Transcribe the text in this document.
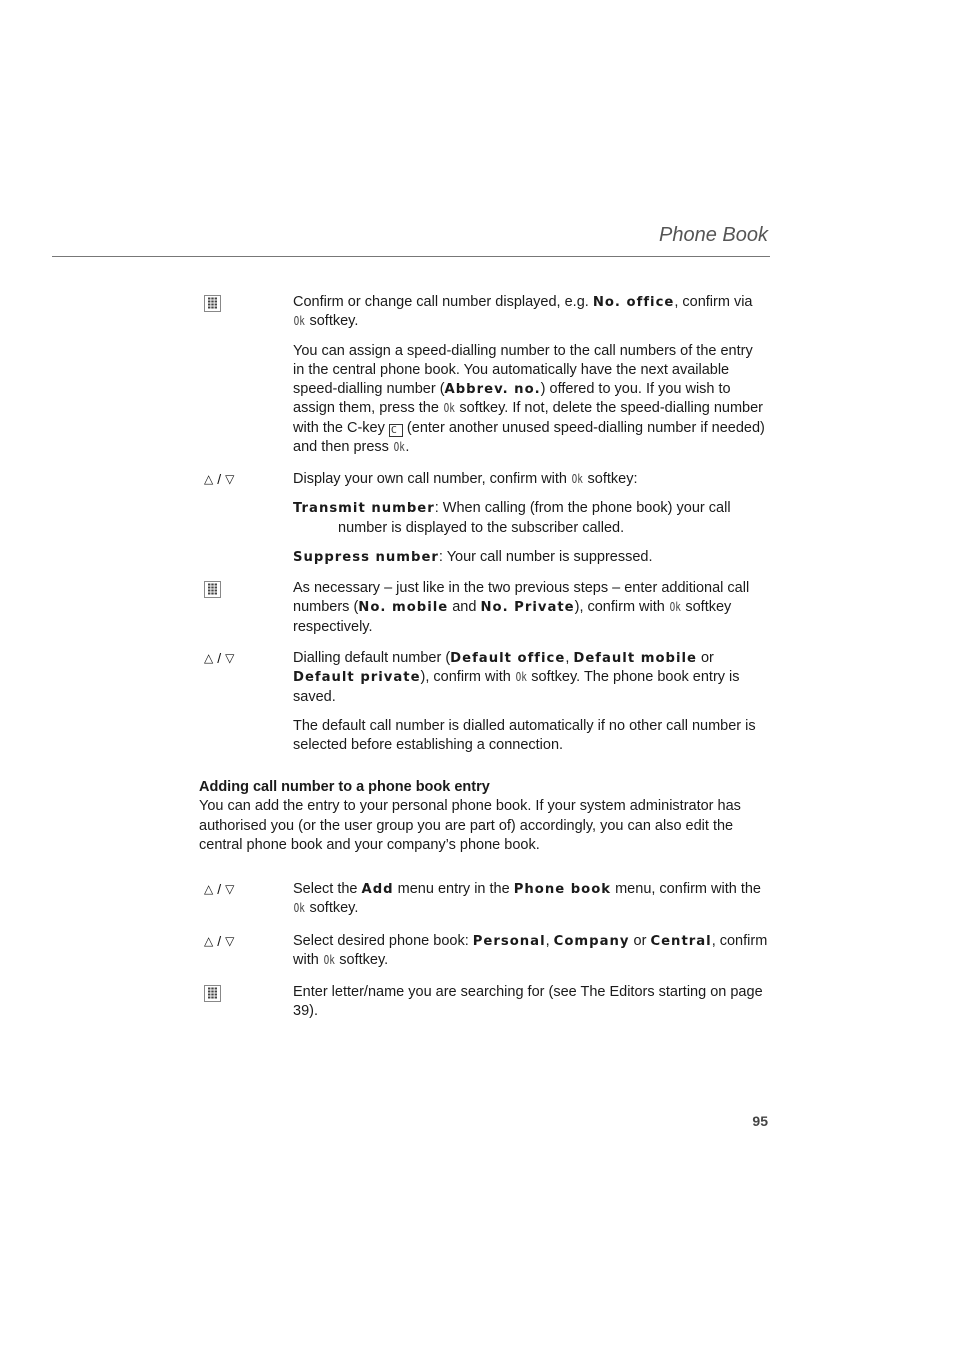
Phone Book

Confirm or change call number displayed, e.g. No. office, confirm via Ok softkey.

You can assign a speed-dialling number to the call numbers of the entry in the central phone book. You automatically have the next available speed-dialling number (Abbrev. no.) offered to you. If you wish to assign them, press the Ok softkey. If not, delete the speed-dialling number with the C-key C (enter another unused speed-dialling number if needed) and then press Ok.

△ / ▽	Display your own call number, confirm with Ok softkey:

Transmit number: When calling (from the phone book) your call number is displayed to the subscriber called.

Suppress number: Your call number is suppressed.

As necessary – just like in the two previous steps – enter additional call numbers (No. mobile and No. Private), confirm with Ok softkey respectively.

△ / ▽	Dialling default number (Default office, Default mobile or Default private), confirm with Ok softkey. The phone book entry is saved.

The default call number is dialled automatically if no other call number is selected before establishing a connection.

Adding call number to a phone book entry

You can add the entry to your personal phone book. If your system administrator has authorised you (or the user group you are part of) accordingly, you can also edit the central phone book and your company’s phone book.

△ / ▽	Select the Add menu entry in the Phone book menu, confirm with the Ok softkey.

△ / ▽	Select desired phone book: Personal, Company or Central, confirm with Ok softkey.

Enter letter/name you are searching for (see The Editors starting on page 39).

95
